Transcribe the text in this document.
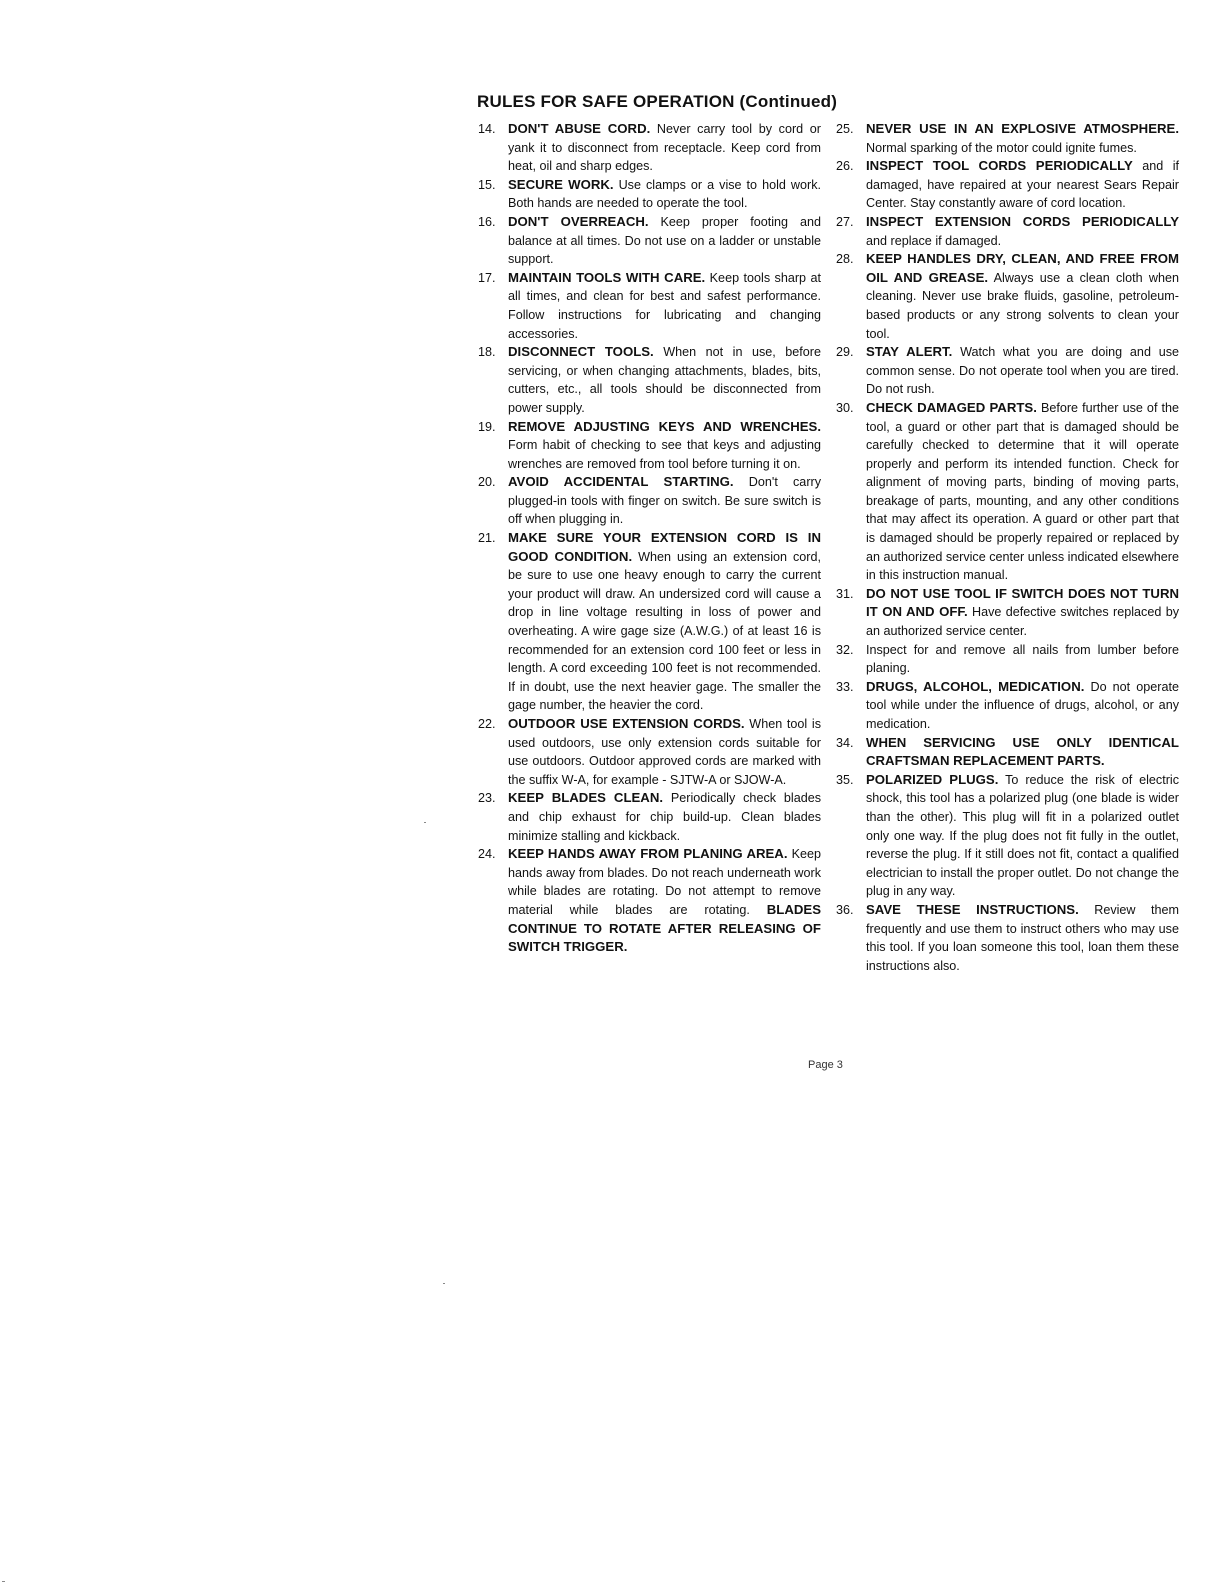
RULES FOR SAFE OPERATION (Continued)
14. DON'T ABUSE CORD. Never carry tool by cord or yank it to disconnect from receptacle. Keep cord from heat, oil and sharp edges.
15. SECURE WORK. Use clamps or a vise to hold work. Both hands are needed to operate the tool.
16. DON'T OVERREACH. Keep proper footing and balance at all times. Do not use on a ladder or unstable support.
17. MAINTAIN TOOLS WITH CARE. Keep tools sharp at all times, and clean for best and safest performance. Follow instructions for lubricating and changing accessories.
18. DISCONNECT TOOLS. When not in use, before servicing, or when changing attachments, blades, bits, cutters, etc., all tools should be disconnected from power supply.
19. REMOVE ADJUSTING KEYS AND WRENCHES. Form habit of checking to see that keys and adjusting wrenches are removed from tool before turning it on.
20. AVOID ACCIDENTAL STARTING. Don't carry plugged-in tools with finger on switch. Be sure switch is off when plugging in.
21. MAKE SURE YOUR EXTENSION CORD IS IN GOOD CONDITION. When using an extension cord, be sure to use one heavy enough to carry the current your product will draw. An undersized cord will cause a drop in line voltage resulting in loss of power and overheating. A wire gage size (A.W.G.) of at least 16 is recommended for an extension cord 100 feet or less in length. A cord exceeding 100 feet is not recommended. If in doubt, use the next heavier gage. The smaller the gage number, the heavier the cord.
22. OUTDOOR USE EXTENSION CORDS. When tool is used outdoors, use only extension cords suitable for use outdoors. Outdoor approved cords are marked with the suffix W-A, for example - SJTW-A or SJOW-A.
23. KEEP BLADES CLEAN. Periodically check blades and chip exhaust for chip build-up. Clean blades minimize stalling and kickback.
24. KEEP HANDS AWAY FROM PLANING AREA. Keep hands away from blades. Do not reach underneath work while blades are rotating. Do not attempt to remove material while blades are rotating. BLADES CONTINUE TO ROTATE AFTER RELEASING OF SWITCH TRIGGER.
25. NEVER USE IN AN EXPLOSIVE ATMOSPHERE. Normal sparking of the motor could ignite fumes.
26. INSPECT TOOL CORDS PERIODICALLY and if damaged, have repaired at your nearest Sears Repair Center. Stay constantly aware of cord location.
27. INSPECT EXTENSION CORDS PERIODICALLY and replace if damaged.
28. KEEP HANDLES DRY, CLEAN, AND FREE FROM OIL AND GREASE. Always use a clean cloth when cleaning. Never use brake fluids, gasoline, petroleum-based products or any strong solvents to clean your tool.
29. STAY ALERT. Watch what you are doing and use common sense. Do not operate tool when you are tired. Do not rush.
30. CHECK DAMAGED PARTS. Before further use of the tool, a guard or other part that is damaged should be carefully checked to determine that it will operate properly and perform its intended function. Check for alignment of moving parts, binding of moving parts, breakage of parts, mounting, and any other conditions that may affect its operation. A guard or other part that is damaged should be properly repaired or replaced by an authorized service center unless indicated elsewhere in this instruction manual.
31. DO NOT USE TOOL IF SWITCH DOES NOT TURN IT ON AND OFF. Have defective switches replaced by an authorized service center.
32. Inspect for and remove all nails from lumber before planing.
33. DRUGS, ALCOHOL, MEDICATION. Do not operate tool while under the influence of drugs, alcohol, or any medication.
34. WHEN SERVICING USE ONLY IDENTICAL CRAFTSMAN REPLACEMENT PARTS.
35. POLARIZED PLUGS. To reduce the risk of electric shock, this tool has a polarized plug (one blade is wider than the other). This plug will fit in a polarized outlet only one way. If the plug does not fit fully in the outlet, reverse the plug. If it still does not fit, contact a qualified electrician to install the proper outlet. Do not change the plug in any way.
36. SAVE THESE INSTRUCTIONS. Review them frequently and use them to instruct others who may use this tool. If you loan someone this tool, loan them these instructions also.
Page 3
